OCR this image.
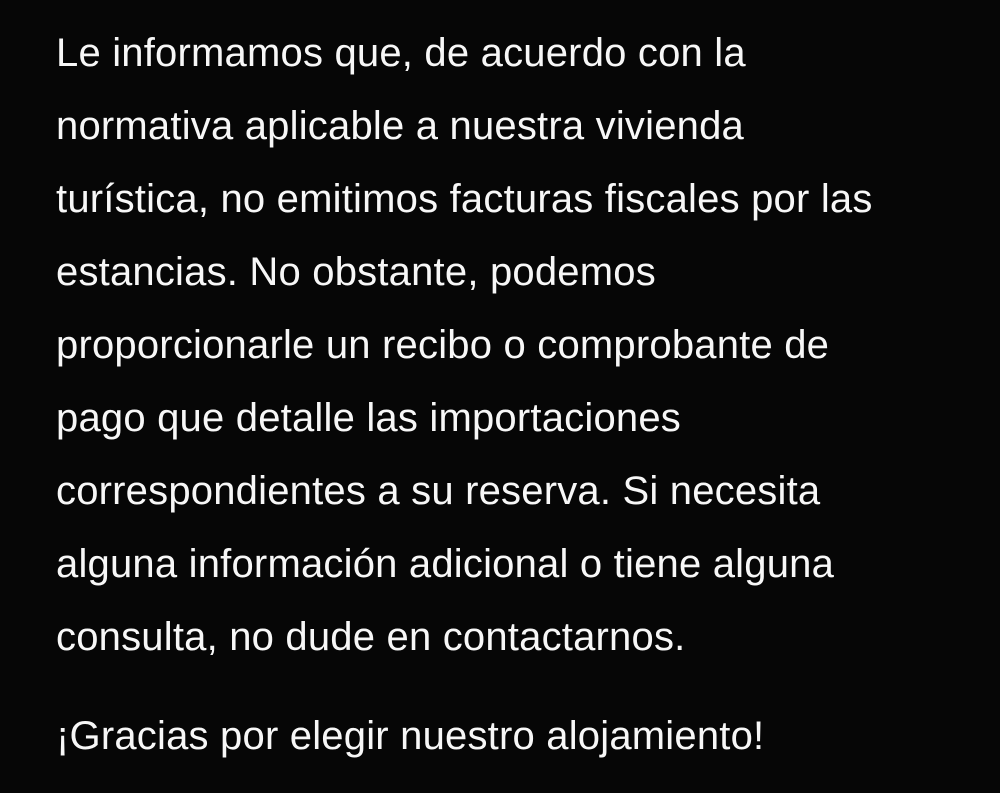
Le informamos que, de acuerdo con la
normativa aplicable a nuestra vivienda
turística, no emitimos facturas fiscales por las
estancias. No obstante, podemos
proporcionarle un recibo o comprobante de
pago que detalle las importaciones
correspondientes a su reserva. Si necesita
alguna información adicional o tiene alguna
consulta, no dude en contactarnos.

¡Gracias por elegir nuestro alojamiento!
